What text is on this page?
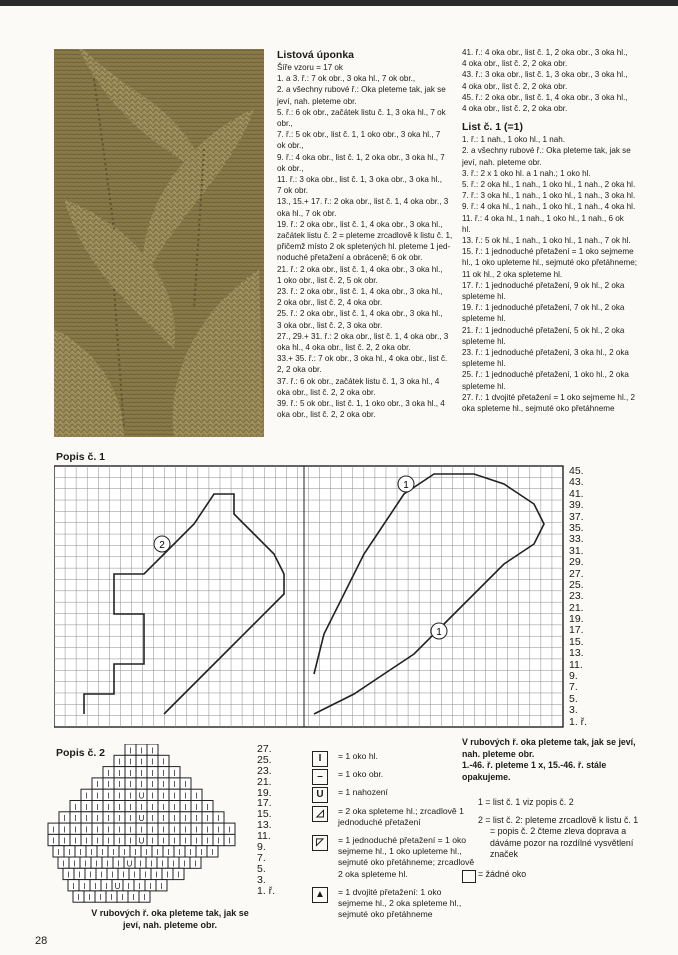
Listová úponka

Šíře vzoru = 17 ok

1. a 3. ř.: 7 ok obr., 3 oka hl., 7 ok obr.,

2. a všechny rubové ř.: Oka pleteme tak, jak se

jeví, nah. pleteme obr.

5. ř.: 6 ok obr., začátek listu č. 1, 3 oka hl., 7 ok

obr.,

7. ř.: 5 ok obr., list č. 1, 1 oko obr., 3 oka hl., 7

ok obr.,

9. ř.: 4 oka obr., list č. 1, 2 oka obr., 3 oka hl., 7

ok obr.,

11. ř.: 3 oka obr., list č. 1, 3 oka obr., 3 oka hl.,

7 ok obr.

13., 15.+ 17. ř.: 2 oka obr., list č. 1, 4 oka obr., 3

oka hl., 7 ok obr.

19. ř.: 2 oka obr., list č. 1, 4 oka obr., 3 oka hl.,

začátek listu č. 2 = pleteme zrcadlově k listu č. 1,

přičemž místo 2 ok spletených hl. pleteme 1 jed-

noduché přetažení a obráceně; 6 ok obr.

21. ř.: 2 oka obr., list č. 1, 4 oka obr., 3 oka hl.,

1 oko obr., list č. 2, 5 ok obr.

23. ř.: 2 oka obr., list č. 1, 4 oka obr., 3 oka hl.,

2 oka obr., list č. 2, 4 oka obr.

25. ř.: 2 oka obr., list č. 1, 4 oka obr., 3 oka hl.,

3 oka obr., list č. 2, 3 oka obr.

27., 29.+ 31. ř.: 2 oka obr., list č. 1, 4 oka obr., 3

oka hl., 4 oka obr., list č. 2, 2 oka obr.

33.+ 35. ř.: 7 ok obr., 3 oka hl., 4 oka obr., list č.

2, 2 oka obr.

37. ř.: 6 ok obr., začátek listu č. 1, 3 oka hl., 4

oka obr., list č. 2, 2 oka obr.

39. ř.: 5 ok obr., list č. 1, 1 oko obr., 3 oka hl., 4

oka obr., list č. 2, 2 oka obr.

41. ř.: 4 oka obr., list č. 1, 2 oka obr., 3 oka hl.,

4 oka obr., list č. 2, 2 oka obr.

43. ř.: 3 oka obr., list č. 1, 3 oka obr., 3 oka hl.,

4 oka obr., list č. 2, 2 oka obr.

45. ř.: 2 oka obr., list č. 1, 4 oka obr., 3 oka hl.,

4 oka obr., list č. 2, 2 oka obr.

List č. 1 (=1)

1. ř.: 1 nah., 1 oko hl., 1 nah.

2. a všechny rubové ř.: Oka pleteme tak, jak se

jeví, nah. pleteme obr.

3. ř.: 2 x 1 oko hl. a 1 nah.; 1 oko hl.

5. ř.: 2 oka hl., 1 nah., 1 oko hl., 1 nah., 2 oka hl.

7. ř.: 3 oka hl., 1 nah., 1 oko hl., 1 nah., 3 oka hl.

9. ř.: 4 oka hl., 1 nah., 1 oko hl., 1 nah., 4 oka hl.

11. ř.: 4 oka hl., 1 nah., 1 oko hl., 1 nah., 6 ok

hl.

13. ř.: 5 ok hl., 1 nah., 1 oko hl., 1 nah., 7 ok hl.

15. ř.: 1 jednoduché přetažení = 1 oko sejmeme

hl., 1 oko upleteme hl., sejmuté oko přetáhneme;

11 ok hl., 2 oka spleteme hl.

17. ř.: 1 jednoduché přetažení, 9 ok hl., 2 oka

spleteme hl.

19. ř.: 1 jednoduché přetažení, 7 ok hl., 2 oka

spleteme hl.

21. ř.: 1 jednoduché přetažení, 5 ok hl., 2 oka

spleteme hl.

23. ř.: 1 jednoduché přetažení, 3 oka hl., 2 oka

spleteme hl.

25. ř.: 1 jednoduché přetažení, 1 oko hl., 2 oka

spleteme hl.

27. ř.: 1 dvojité přetažení = 1 oko sejmeme hl., 2

oka spleteme hl., sejmuté oko přetáhneme

Popis č. 1
2
1
1
45.
43.
41.
39.
37.
35.
33.
31.
29.
27.
25.
23.
21.
19.
17.
15.
13.
11.
9.
7.
5.
3.
1. ř.
Popis č. 2	I I I
I I I I I
I I I I I I I
I I I I I I I I I
I I I I I U I I I I I
I I I I I I I I I I I I I
I I I I I I I U I I I I I I I
I I I I I I I I I I I I I I I I I
I I I I I I I I U I I I I I I I I
I I I I I I I I I I I I I I I
I I I I I I U I I I I I I
I I I I I I I I I I I
I I I I U I I I I
I I I I I I I
27.
25.
23.
21.
19.
17.
15.
13.
11.
9.
7.
5.
3.
1. ř.
V rubových ř. oka pleteme tak, jak se jeví, nah. pleteme obr.
I	= 1 oko hl.
–	= 1 oko obr.
U	= 1 nahození
◿	= 2 oka spleteme hl.; zrcadlově 1 jednoduché přetažení
◸	= 1 jednoduché přetažení = 1 oko sejmeme hl., 1 oko upleteme hl., sejmuté oko přetáhneme; zrcadlově 2 oka spleteme hl.
▲	= 1 dvojité přetažení: 1 oko sejmeme hl., 2 oka spleteme hl., sejmuté oko přetáhneme
V rubových ř. oka pleteme tak, jak se jeví, nah. pleteme obr.
1.-46. ř. pleteme 1 x, 15.-46. ř. stále opakujeme.
1 = list č. 1 viz popis č. 2
2 = list č. 2: pleteme zrcadlově k listu č. 1 = popis č. 2 čteme zleva doprava a dáváme pozor na rozdílné vysvětlení značek
= žádné oko
28
